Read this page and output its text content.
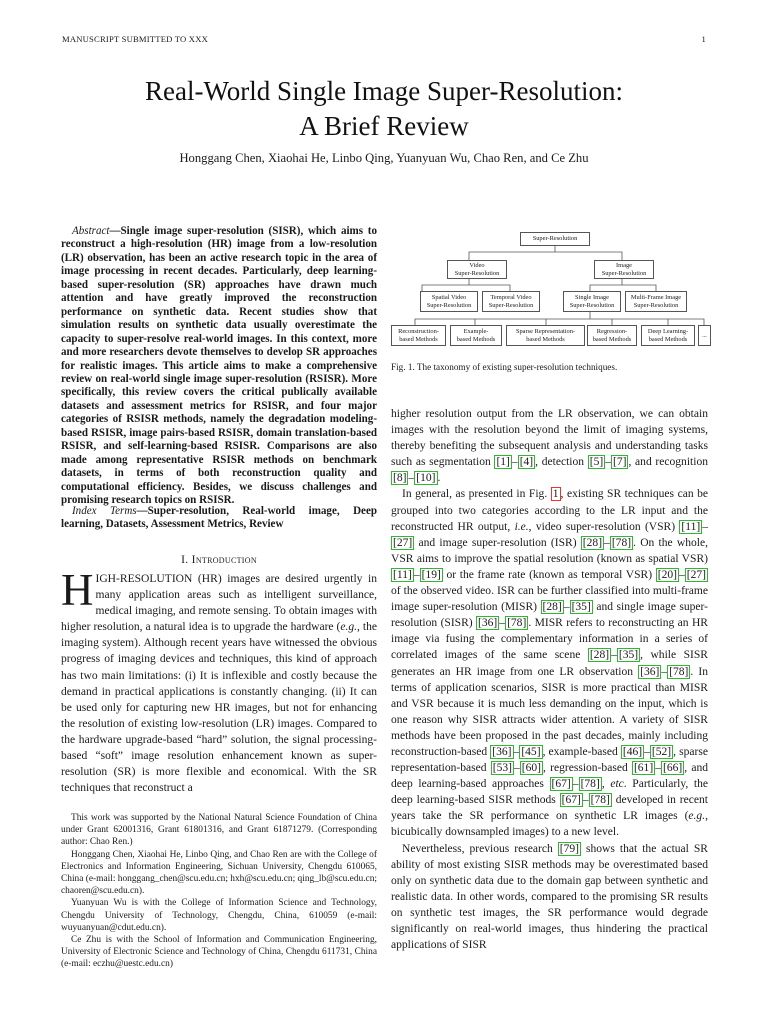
MANUSCRIPT SUBMITTED TO XXX	1
Real-World Single Image Super-Resolution:
A Brief Review
Honggang Chen, Xiaohai He, Linbo Qing, Yuanyuan Wu, Chao Ren, and Ce Zhu
Abstract—Single image super-resolution (SISR), which aims to reconstruct a high-resolution (HR) image from a low-resolution (LR) observation, has been an active research topic in the area of image processing in recent decades. Particularly, deep learning-based super-resolution (SR) approaches have drawn much attention and have greatly improved the reconstruction performance on synthetic data. Recent studies show that simulation results on synthetic data usually overestimate the capacity to super-resolve real-world images. In this context, more and more researchers devote themselves to develop SR approaches for realistic images. This article aims to make a comprehensive review on real-world single image super-resolution (RSISR). More specifically, this review covers the critical publically available datasets and assessment metrics for RSISR, and four major categories of RSISR methods, namely the degradation modeling-based RSISR, image pairs-based RSISR, domain translation-based RSISR, and self-learning-based RSISR. Comparisons are also made among representative RSISR methods on benchmark datasets, in terms of both reconstruction quality and computational efficiency. Besides, we discuss challenges and promising research topics on RSISR.
Index Terms—Super-resolution, Real-world image, Deep learning, Datasets, Assessment Metrics, Review
I. Introduction

HIGH-RESOLUTION (HR) images are desired urgently in many application areas such as intelligent surveillance, medical imaging, and remote sensing. To obtain images with higher resolution, a natural idea is to upgrade the hardware (e.g., the imaging system). Although recent years have witnessed the obvious progress of imaging devices and techniques, this kind of approach has two main limitations: (i) It is inflexible and costly because the demand in practical applications is constantly changing. (ii) It can be used only for capturing new HR images, but not for enhancing the resolution of existing low-resolution (LR) images. Compared to the hardware upgrade-based “hard” solution, the signal processing-based “soft” image resolution enhancement known as super-resolution (SR) is more flexible and economical. With the SR techniques that reconstruct a

This work was supported by the National Natural Science Foundation of China under Grant 62001316, Grant 61801316, and Grant 61871279. (Corresponding author: Chao Ren.)

Honggang Chen, Xiaohai He, Linbo Qing, and Chao Ren are with the College of Electronics and Information Engineering, Sichuan University, Chengdu 610065, China (e-mail: honggang_chen@scu.edu.cn; hxh@scu.edu.cn; qing_lb@scu.edu.cn; chaoren@scu.edu.cn).

Yuanyuan Wu is with the College of Information Science and Technology, Chengdu University of Technology, Chengdu, China, 610059 (e-mail: wuyuanyuan@cdut.edu.cn).

Ce Zhu is with the School of Information and Communication Engineering, University of Electronic Science and Technology of China, Chengdu 611731, China (e-mail: eczhu@uestc.edu.cn)

Super-Resolution
Video
Super-Resolution
Image
Super-Resolution
Spatial Video
Super-Resolution
Temporal Video
Super-Resolution
Single Image
Super-Resolution
Multi-Frame Image
Super-Resolution
Reconstruction-
based Methods
Example-
based Methods
Sparse Representation-
based Methods
Regression-
based Methods
Deep Learning-
based Methods
...
Fig. 1. The taxonomy of existing super-resolution techniques.

higher resolution output from the LR observation, we can obtain images with the resolution beyond the limit of imaging systems, thereby benefiting the subsequent analysis and understanding tasks such as segmentation [1] – [4] , detection [5] – [7] , and recognition [8] – [10] .

In general, as presented in Fig. 1 , existing SR techniques can be grouped into two categories according to the LR input and the reconstructed HR output, i.e., video super-resolution (VSR) [11] –[27] and image super-resolution (ISR) [28] – [78] . On the whole, VSR aims to improve the spatial resolution (known as spatial VSR) [11] – [19] or the frame rate (known as temporal VSR) [20] – [27] of the observed video. ISR can be further classified into multi-frame image super-resolution (MISR) [28] – [35] and single image super-resolution (SISR) [36] – [78] . MISR refers to reconstructing an HR image via fusing the complementary information in a series of correlated images of the same scene [28] – [35] , while SISR generates an HR image from one LR observation [36] – [78] . In terms of application scenarios, SISR is more practical than MISR and VSR because it is much less demanding on the input, which is one reason why SISR attracts wider attention. A variety of SISR methods have been proposed in the past decades, mainly including reconstruction-based [36] – [45] , example-based [46] – [52] , sparse representation-based [53] – [60] , regression-based [61] – [66] , and deep learning-based approaches [67] – [78] , etc. Particularly, the deep learning-based SISR methods [67] – [78] developed in recent years take the SR performance on synthetic LR images (e.g., bicubically downsampled images) to a new level.

Nevertheless, previous research [79] shows that the actual SR ability of most existing SISR methods may be overestimated based only on synthetic data due to the domain gap between synthetic and realistic data. In other words, compared to the promising SR results on synthetic test images, the SR performance would degrade significantly on real-world images, thus hindering the practical applications of SISR
